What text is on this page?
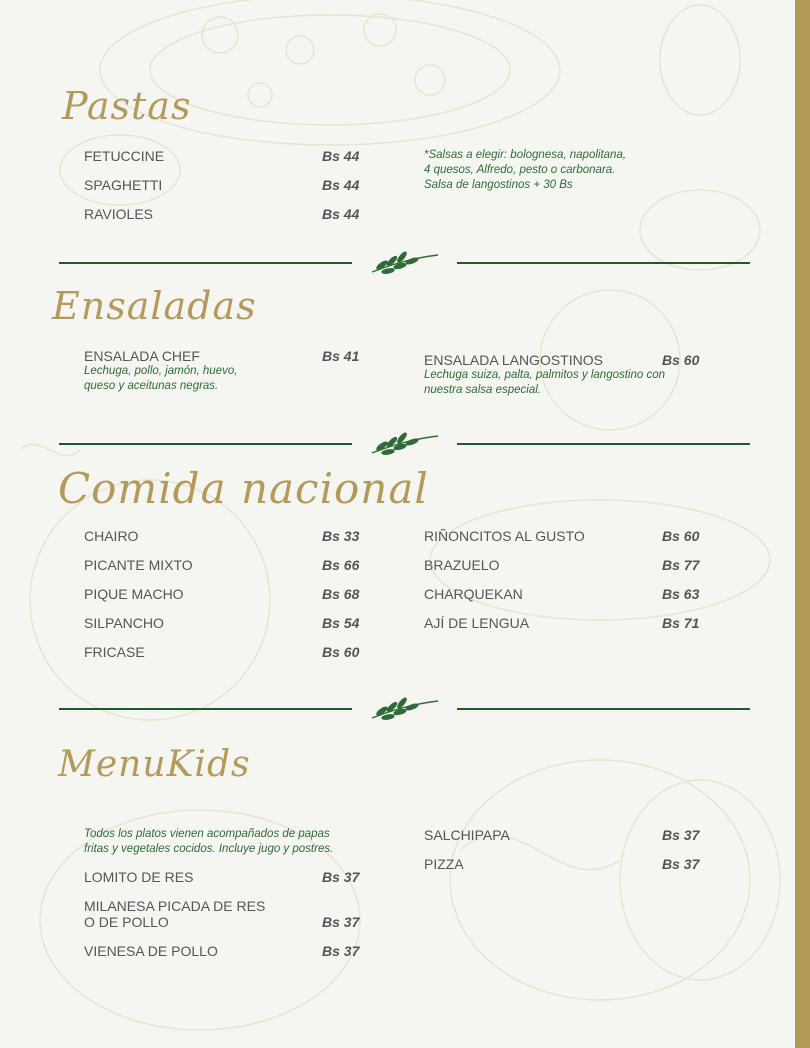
Pastas
FETUCCINE	Bs 44
SPAGHETTI	Bs 44
RAVIOLES	Bs 44
*Salsas a elegir: bolognesa, napolitana,
4 quesos, Alfredo, pesto o carbonara.
Salsa de langostinos + 30 Bs
Ensaladas
ENSALADA CHEF	Bs 41
Lechuga, pollo, jamón, huevo,
queso y aceitunas negras.
ENSALADA LANGOSTINOS	Bs 60
Lechuga suiza, palta, palmitos y langostino con
nuestra salsa especial.
Comida nacional
CHAIRO	Bs 33
PICANTE MIXTO	Bs 66
PIQUE MACHO	Bs 68
SILPANCHO	Bs 54
FRICASE	Bs 60
RIÑONCITOS AL GUSTO	Bs 60
BRAZUELO	Bs 77
CHARQUEKAN	Bs 63
AJÍ DE LENGUA	Bs 71
MenuKids
Todos los platos vienen acompañados de papas
fritas y vegetales cocidos. Incluye jugo y postres.
LOMITO DE RES	Bs 37
MILANESA PICADA DE RES
O DE POLLO	Bs 37
VIENESA DE POLLO	Bs 37
SALCHIPAPA	Bs 37
PIZZA	Bs 37
